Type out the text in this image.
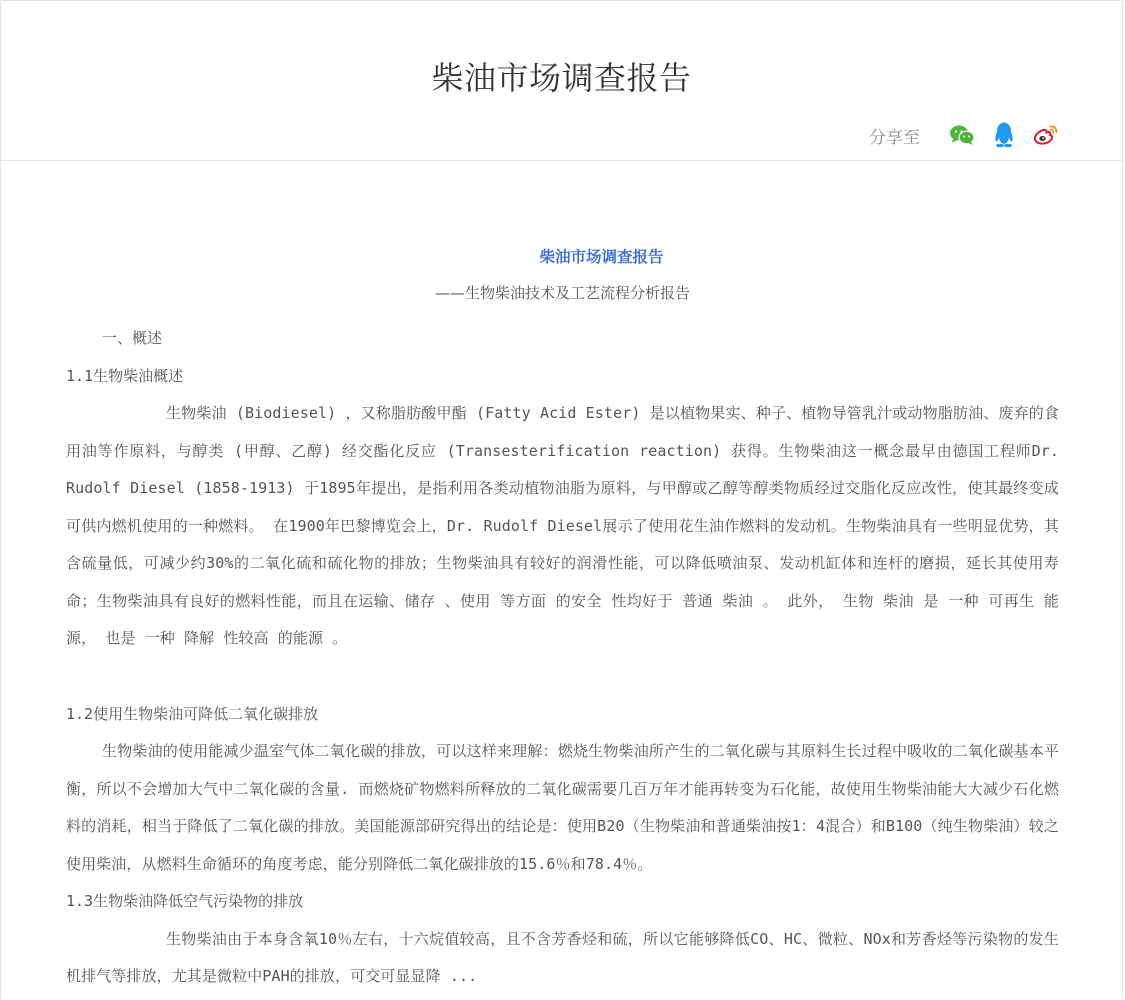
柴油市场调查报告
分享至
柴油市场调查报告
——生物柴油技术及工艺流程分析报告
一、概述
1.1生物柴油概述
生物柴油 (Biodiesel) ，又称脂肪酸甲酯 (Fatty Acid Ester) 是以植物果实、种子、植物导管乳汁或动物脂肪油、废弃的食用油等作原料，与醇类 (甲醇、乙醇) 经交酯化反应 (Transesterification reaction) 获得。生物柴油这一概念最早由德国工程师Dr. Rudolf Diesel (1858-1913) 于1895年提出，是指利用各类动植物油脂为原料，与甲醇或乙醇等醇类物质经过交脂化反应改性，使其最终变成可供内燃机使用的一种燃料。 在1900年巴黎博览会上，Dr. Rudolf Diesel展示了使用花生油作燃料的发动机。生物柴油具有一些明显优势，其含硫量低，可减少约30%的二氧化硫和硫化物的排放；生物柴油具有较好的润滑性能，可以降低喷油泵、发动机缸体和连杆的磨损，延长其使用寿命；生物柴油具有良好的燃料性能，而且在运输、储存 、使用 等方面 的安全 性均好于 普通 柴油 。 此外， 生物 柴油 是 一种 可再生 能源， 也是 一种 降解 性较高 的能源 。
1.2使用生物柴油可降低二氧化碳排放
生物柴油的使用能减少温室气体二氧化碳的排放，可以这样来理解：燃烧生物柴油所产生的二氧化碳与其原料生长过程中吸收的二氧化碳基本平衡，所以不会增加大气中二氧化碳的含量. 而燃烧矿物燃料所释放的二氧化碳需要几百万年才能再转变为石化能，故使用生物柴油能大大减少石化燃料的消耗，相当于降低了二氧化碳的排放。美国能源部研究得出的结论是：使用B20（生物柴油和普通柴油按1：4混合）和B100（纯生物柴油）较之使用柴油，从燃料生命循环的角度考虑，能分别降低二氧化碳排放的15.6％和78.4％。
1.3生物柴油降低空气污染物的排放
生物柴油由于本身含氧10％左右，十六烷值较高，且不含芳香烃和硫，所以它能够降低CO、HC、微粒、NOx和芳香烃等污染物的发生机排气等排放，尤其是微粒中PAH的排放，可交可显显降 ...
